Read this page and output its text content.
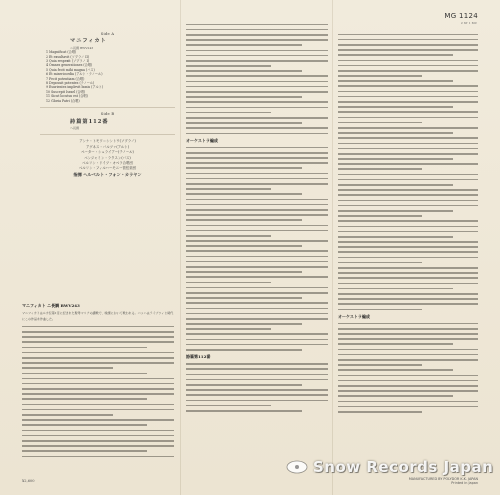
MG 1124
2 ST 1 MC
Side A
マニフィカト
ニ長調 BWV243
1 Magnificat (合唱)
2 Et exsultavit (ソプラノ II)
3 Quia respexit (ソプラノ I)
4 Omnes generationes (合唱)
5 Quia fecit mihi magna (バス)
6 Et misericordia (アルト・テノール)
7 Fecit potentiam (合唱)
8 Deposuit potentes (テノール)
9 Esurientes implevit bonis (アルト)
10 Suscepit Israel (合唱)
11 Sicut locutus est (合唱)
12 Gloria Patri (合唱)
Side B
詩篇第112番
ヘ長調
アンナ・トモワ＝シントウ(ソプラノ)
アグネス・バルツァ(アルト)
ペーター・シュライアー(テノール)
ベンジャミン・ラクスン(バス)
ベルリン・ドイツ・オペラ合唱団
ベルリン・フィルハーモニー管弦楽団
指揮 ヘルベルト・フォン・カラヤン
マニフィカト ニ長調 BWV243
マニフィカトはルカ伝第1章に記された聖母マリアの讃歌で、晩課において歌われる。バッハはライプツィヒ時代にこの作品を作曲した。
オーケストラ編成
詩篇第112番
オーケストラ編成
¥2,600	MANUFACTURED BY POLYDOR K.K. JAPAN
Printed in Japan
Snow Records Japan
